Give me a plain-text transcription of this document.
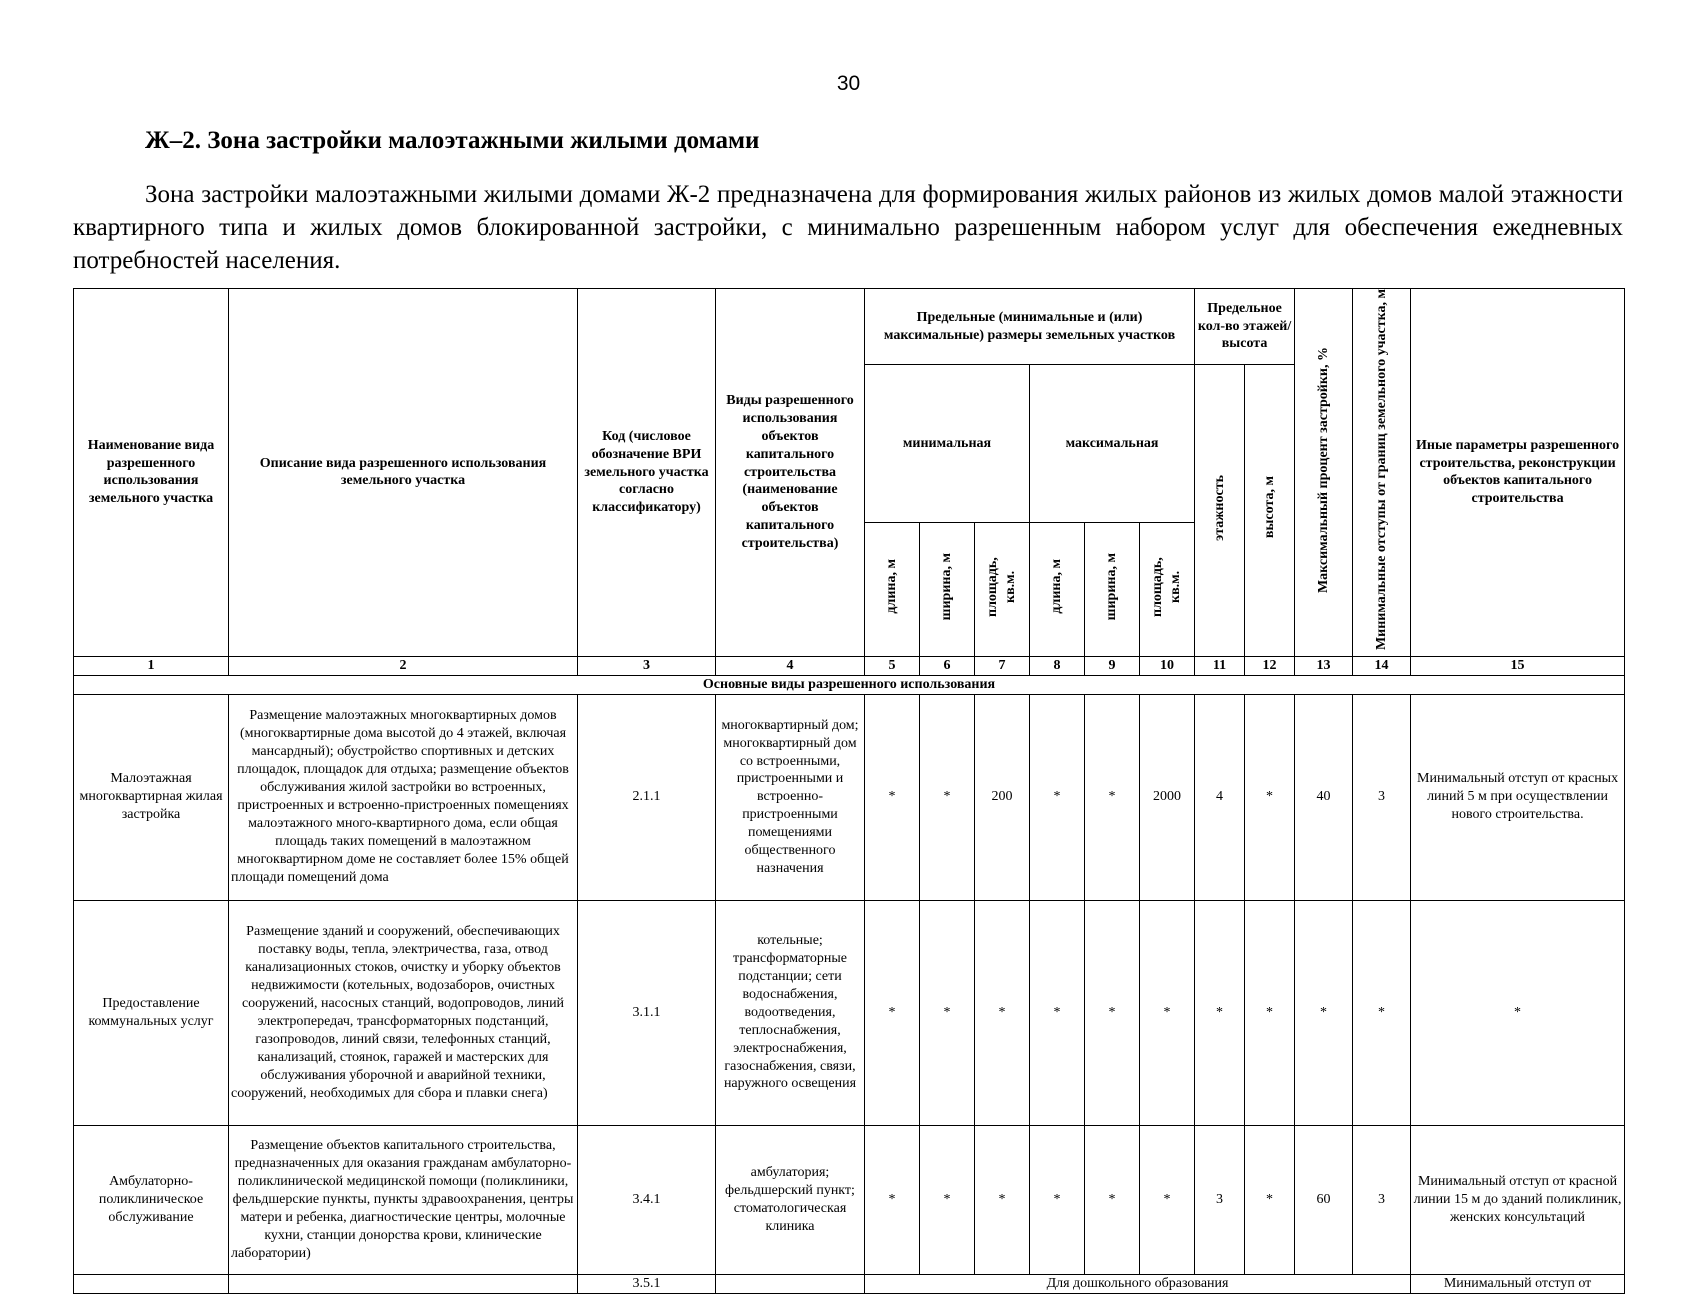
30
Ж–2. Зона застройки малоэтажными жилыми домами

Зона застройки малоэтажными жилыми домами Ж-2 предназначена для формирования жилых районов из жилых домов малой этажности квартирного типа и жилых домов блокированной застройки, с минимально разрешенным набором услуг для обеспечения ежедневных потребностей населения.

Наименование вида разрешенного использования земельного участка	Описание вида разрешенного использования земельного участка	Код (числовое обозначение ВРИ земельного участка согласно классификатору)	Виды разрешенного использования объектов капитального строительства (наименование объектов капитального строительства)	Предельные (минимальные и (или) максимальные) размеры земельных участков						Предельное кол-во этажей/ высота		Максимальный процент застройки, %	Минимальные отступы от границ земельного участка, м	Иные параметры разрешенного строительства, реконструкции объектов капитального строительства
				минимальная			максимальная			этажность	высота, м			
				длина, м	ширина, м	площадь, кв.м.	длина, м	ширина, м	площадь, кв.м.					
1	2	3	4	5	6	7	8	9	10	11	12	13	14	15
Основные виды разрешенного использования														
Малоэтажная многоквартирная жилая застройка	Размещение малоэтажных многоквартирных домов (многоквартирные дома высотой до 4 этажей, включая мансардный); обустройство спортивных и детских площадок, площадок для отдыха; размещение объектов обслуживания жилой застройки во встроенных, пристроенных и встроенно-пристроенных помещениях малоэтажного много-квартирного дома, если общая площадь таких помещений в малоэтажном многоквартирном доме не составляет более 15% общей площади помещений дома	2.1.1	многоквартирный дом; многоквартирный дом со встроенными, пристроенными и встроенно-пристроенными помещениями общественного назначения	*	*	200	*	*	2000	4	*	40	3	Минимальный отступ от красных линий 5 м при осуществлении нового строительства.
Предоставление коммунальных услуг	Размещение зданий и сооружений, обеспечивающих поставку воды, тепла, электричества, газа, отвод канализационных стоков, очистку и уборку объектов недвижимости (котельных, водозаборов, очистных сооружений, насосных станций, водопроводов, линий электропередач, трансформаторных подстанций, газопроводов, линий связи, телефонных станций, канализаций, стоянок, гаражей и мастерских для обслуживания уборочной и аварийной техники, сооружений, необходимых для сбора и плавки снега)	3.1.1	котельные; трансформаторные подстанции; сети водоснабжения, водоотведения, теплоснабжения, электроснабжения, газоснабжения, связи, наружного освещения	*	*	*	*	*	*	*	*	*	*	*
Амбулаторно-поликлиническое обслуживание	Размещение объектов капитального строительства, предназначенных для оказания гражданам амбулаторно-поликлинической медицинской помощи (поликлиники, фельдшерские пункты, пункты здравоохранения, центры матери и ребенка, диагностические центры, молочные кухни, станции донорства крови, клинические лаборатории)	3.4.1	амбулатория; фельдшерский пункт; стоматологическая клиника	*	*	*	*	*	*	3	*	60	3	Минимальный отступ от красной линии 15 м до зданий поликлиник, женских консультаций
		3.5.1		Для дошкольного образования										Минимальный отступ от
